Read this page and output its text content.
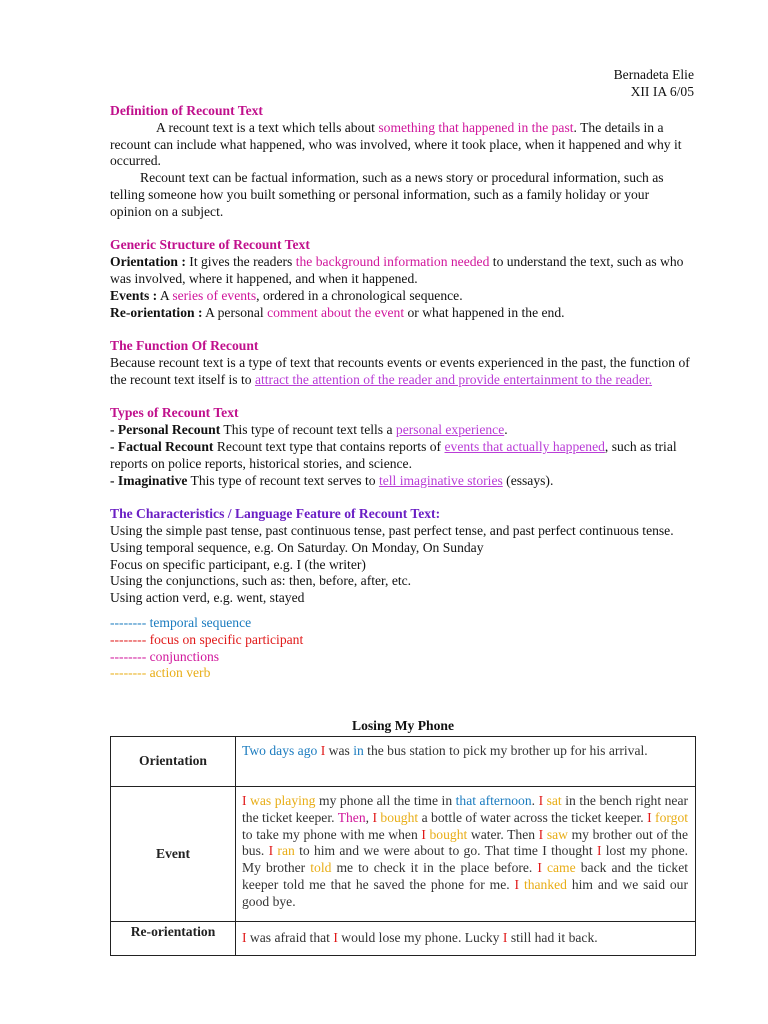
Bernadeta Elie
XII IA 6/05
Definition of Recount Text
A recount text is a text which tells about something that happened in the past. The details in a recount can include what happened, who was involved, where it took place, when it happened and why it occurred.
Recount text can be factual information, such as a news story or procedural information, such as telling someone how you built something or personal information, such as a family holiday or your opinion on a subject.
Generic Structure of Recount Text
Orientation : It gives the readers the background information needed to understand the text, such as who was involved, where it happened, and when it happened.
Events : A series of events, ordered in a chronological sequence.
Re-orientation : A personal comment about the event or what happened in the end.
The Function Of Recount
Because recount text is a type of text that recounts events or events experienced in the past, the function of the recount text itself is to attract the attention of the reader and provide entertainment to the reader.
Types of Recount Text
- Personal Recount This type of recount text tells a personal experience.
- Factual Recount Recount text type that contains reports of events that actually happened, such as trial reports on police reports, historical stories, and science.
- Imaginative This type of recount text serves to tell imaginative stories (essays).
The Characteristics / Language Feature of Recount Text:
Using the simple past tense, past continuous tense, past perfect tense, and past perfect continuous tense.
Using temporal sequence, e.g. On Saturday. On Monday, On Sunday
Focus on specific participant, e.g. I (the writer)
Using the conjunctions, such as: then, before, after, etc.
Using action verd, e.g. went, stayed
-------- temporal sequence
-------- focus on specific participant
-------- conjunctions
-------- action verb
Losing My Phone
Orientation	Two days ago I was in the bus station to pick my brother up for his arrival.
Event	I was playing my phone all the time in that afternoon. I sat in the bench right near the ticket keeper. Then, I bought a bottle of water across the ticket keeper. I forgot to take my phone with me when I bought water. Then I saw my brother out of the bus. I ran to him and we were about to go. That time I thought I lost my phone. My brother told me to check it in the place before. I came back and the ticket keeper told me that he saved the phone for me. I thanked him and we said our good bye.
Re-orientation	I was afraid that I would lose my phone. Lucky I still had it back.
